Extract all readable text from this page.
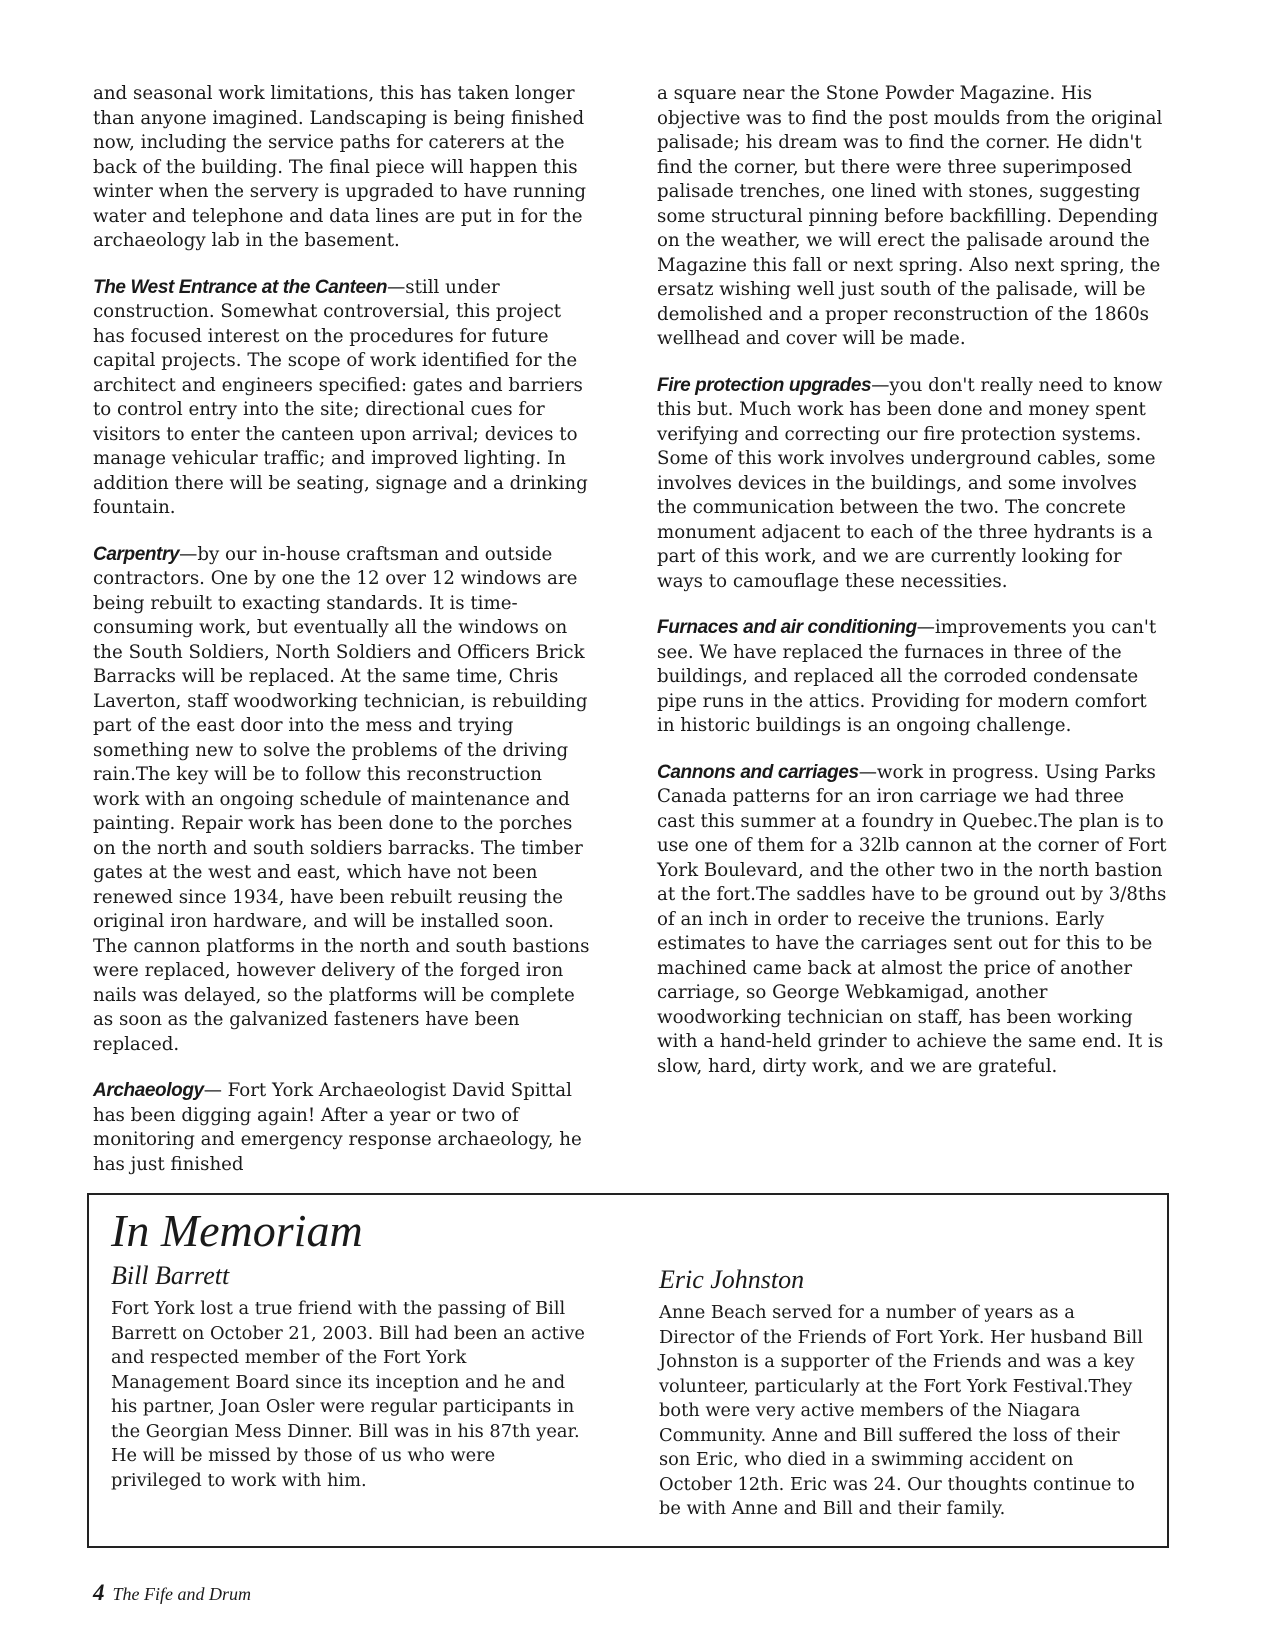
and seasonal work limitations, this has taken longer than anyone imagined. Landscaping is being finished now, including the service paths for caterers at the back of the building. The final piece will happen this winter when the servery is upgraded to have running water and telephone and data lines are put in for the archaeology lab in the basement.

The West Entrance at the Canteen—still under construction. Somewhat controversial, this project has focused interest on the procedures for future capital projects. The scope of work identified for the architect and engineers specified: gates and barriers to control entry into the site; directional cues for visitors to enter the canteen upon arrival; devices to manage vehicular traffic; and improved lighting. In addition there will be seating, signage and a drinking fountain.

Carpentry—by our in-house craftsman and outside contractors. One by one the 12 over 12 windows are being rebuilt to exacting standards. It is time-consuming work, but eventually all the windows on the South Soldiers, North Soldiers and Officers Brick Barracks will be replaced. At the same time, Chris Laverton, staff woodworking technician, is rebuilding part of the east door into the mess and trying something new to solve the problems of the driving rain.The key will be to follow this reconstruction work with an ongoing schedule of maintenance and painting. Repair work has been done to the porches on the north and south soldiers barracks. The timber gates at the west and east, which have not been renewed since 1934, have been rebuilt reusing the original iron hardware, and will be installed soon. The cannon platforms in the north and south bastions were replaced, however delivery of the forged iron nails was delayed, so the platforms will be complete as soon as the galvanized fasteners have been replaced.

Archaeology— Fort York Archaeologist David Spittal has been digging again! After a year or two of monitoring and emergency response archaeology, he has just finished

a square near the Stone Powder Magazine. His objective was to find the post moulds from the original palisade; his dream was to find the corner. He didn't find the corner, but there were three superimposed palisade trenches, one lined with stones, suggesting some structural pinning before backfilling. Depending on the weather, we will erect the palisade around the Magazine this fall or next spring. Also next spring, the ersatz wishing well just south of the palisade, will be demolished and a proper reconstruction of the 1860s wellhead and cover will be made.

Fire protection upgrades—you don't really need to know this but. Much work has been done and money spent verifying and correcting our fire protection systems. Some of this work involves underground cables, some involves devices in the buildings, and some involves the communication between the two. The concrete monument adjacent to each of the three hydrants is a part of this work, and we are currently looking for ways to camouflage these necessities.

Furnaces and air conditioning—improvements you can't see. We have replaced the furnaces in three of the buildings, and replaced all the corroded condensate pipe runs in the attics. Providing for modern comfort in historic buildings is an ongoing challenge.

Cannons and carriages—work in progress. Using Parks Canada patterns for an iron carriage we had three cast this summer at a foundry in Quebec.The plan is to use one of them for a 32lb cannon at the corner of Fort York Boulevard, and the other two in the north bastion at the fort.The saddles have to be ground out by 3/8ths of an inch in order to receive the trunions. Early estimates to have the carriages sent out for this to be machined came back at almost the price of another carriage, so George Webkamigad, another woodworking technician on staff, has been working with a hand-held grinder to achieve the same end. It is slow, hard, dirty work, and we are grateful.

In Memoriam
Bill Barrett

Fort York lost a true friend with the passing of Bill Barrett on October 21, 2003. Bill had been an active and respected member of the Fort York Management Board since its inception and he and his partner, Joan Osler were regular participants in the Georgian Mess Dinner. Bill was in his 87th year. He will be missed by those of us who were privileged to work with him.

Eric Johnston

Anne Beach served for a number of years as a Director of the Friends of Fort York. Her husband Bill Johnston is a supporter of the Friends and was a key volunteer, particularly at the Fort York Festival.They both were very active members of the Niagara Community. Anne and Bill suffered the loss of their son Eric, who died in a swimming accident on October 12th. Eric was 24. Our thoughts continue to be with Anne and Bill and their family.

4 The Fife and Drum
